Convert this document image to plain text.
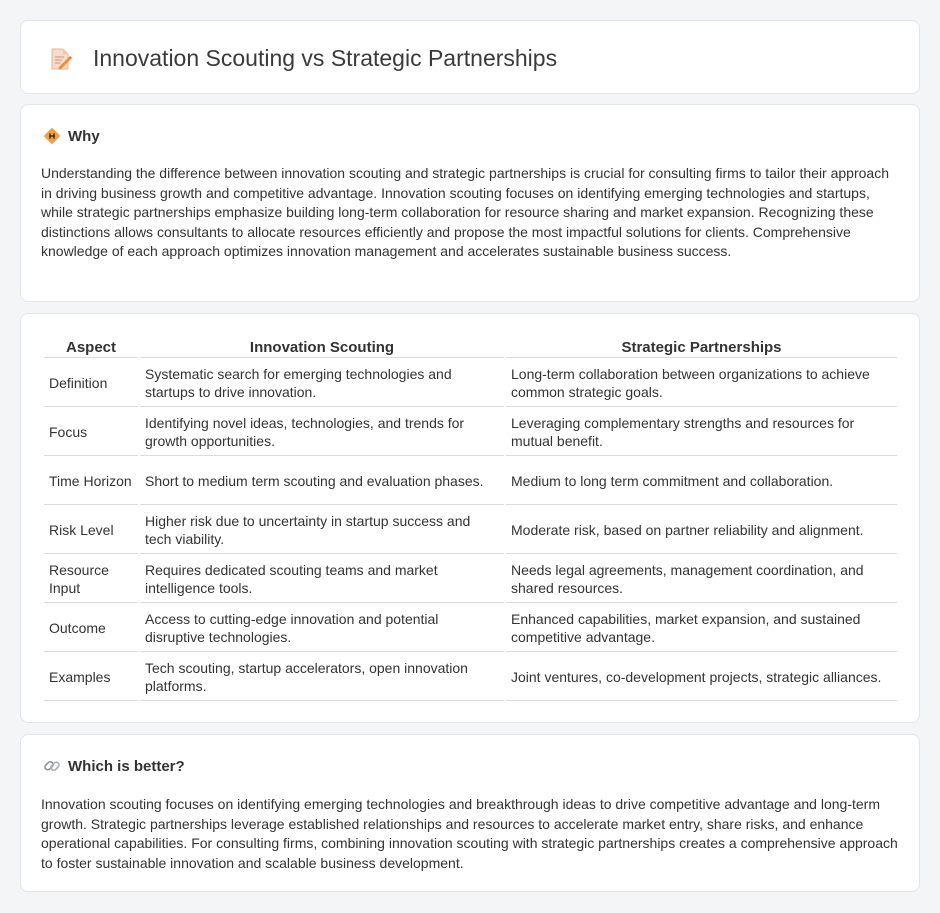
Innovation Scouting vs Strategic Partnerships
Why

Understanding the difference between innovation scouting and strategic partnerships is crucial for consulting firms to tailor their approach in driving business growth and competitive advantage. Innovation scouting focuses on identifying emerging technologies and startups, while strategic partnerships emphasize building long-term collaboration for resource sharing and market expansion. Recognizing these distinctions allows consultants to allocate resources efficiently and propose the most impactful solutions for clients. Comprehensive knowledge of each approach optimizes innovation management and accelerates sustainable business success.

Aspect	Innovation Scouting	Strategic Partnerships
Definition	Systematic search for emerging technologies and startups to drive innovation.	Long-term collaboration between organizations to achieve common strategic goals.
Focus	Identifying novel ideas, technologies, and trends for growth opportunities.	Leveraging complementary strengths and resources for mutual benefit.
Time Horizon	Short to medium term scouting and evaluation phases.	Medium to long term commitment and collaboration.
Risk Level	Higher risk due to uncertainty in startup success and tech viability.	Moderate risk, based on partner reliability and alignment.
Resource Input	Requires dedicated scouting teams and market intelligence tools.	Needs legal agreements, management coordination, and shared resources.
Outcome	Access to cutting-edge innovation and potential disruptive technologies.	Enhanced capabilities, market expansion, and sustained competitive advantage.
Examples	Tech scouting, startup accelerators, open innovation platforms.	Joint ventures, co-development projects, strategic alliances.
Which is better?

Innovation scouting focuses on identifying emerging technologies and breakthrough ideas to drive competitive advantage and long-term growth. Strategic partnerships leverage established relationships and resources to accelerate market entry, share risks, and enhance operational capabilities. For consulting firms, combining innovation scouting with strategic partnerships creates a comprehensive approach to foster sustainable innovation and scalable business development.
